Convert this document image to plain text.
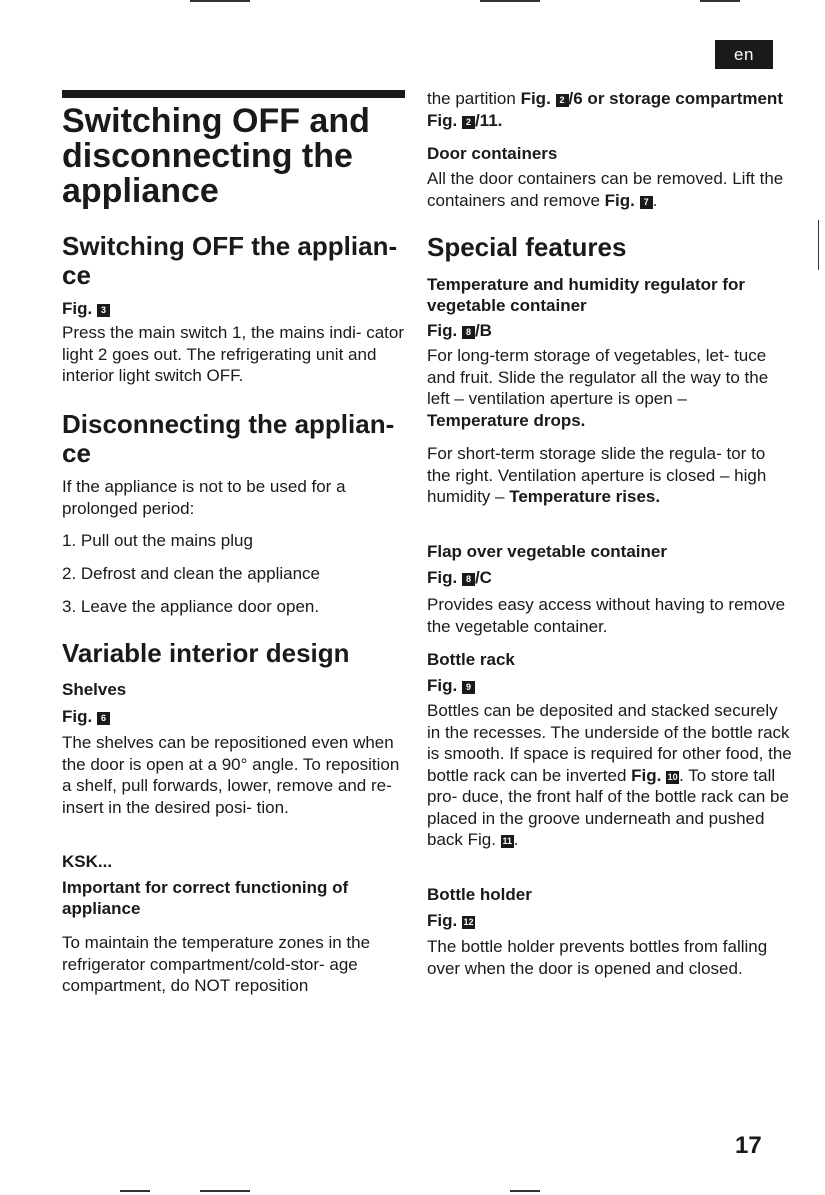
en
Switching OFF and disconnecting the appliance
Switching OFF the applian-ce
Fig. 3

Press the main switch 1, the mains indi- cator light 2 goes out. The refrigerating unit and interior light switch OFF.

Disconnecting the applian-ce

If the appliance is not to be used for a prolonged period:

1. Pull out the mains plug
2. Defrost and clean the appliance
3. Leave the appliance door open.
Variable interior design
Shelves
Fig. 6

The shelves can be repositioned even when the door is open at a 90° angle. To reposition a shelf, pull forwards, lower, remove and re-insert in the desired posi- tion.

KSK...
Important for correct functioning of appliance

To maintain the temperature zones in the refrigerator compartment/cold-stor- age compartment, do NOT reposition

the partition Fig. 2 /6 or storage compartment Fig. 2 /11.

Door containers

All the door containers can be removed. Lift the containers and remove Fig. 7 .

Special features
Temperature and humidity regulator for vegetable container
Fig. 8 /B

For long-term storage of vegetables, let- tuce and fruit. Slide the regulator all the way to the left – ventilation aperture is open – Temperature drops.

For short-term storage slide the regula- tor to the right. Ventilation aperture is closed – high humidity – Temperature rises.

Flap over vegetable container
Fig. 8 /C

Provides easy access without having to remove the vegetable container.

Bottle rack
Fig. 9

Bottles can be deposited and stacked securely in the recesses. The underside of the bottle rack is smooth. If space is required for other food, the bottle rack can be inverted Fig. 10. To store tall pro- duce, the front half of the bottle rack can be placed in the groove underneath and pushed back Fig. 11 .

Bottle holder
Fig. 12

The bottle holder prevents bottles from falling over when the door is opened and closed.

17
